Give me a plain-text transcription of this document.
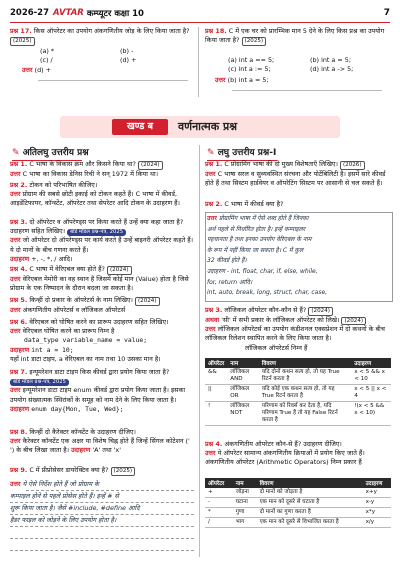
2026-27 AVTAR कम्प्यूटर कक्षा 10	7
प्रश्न 17. किस ऑपरेटर का उपयोग अंकगणितीय जोड़ के लिए किया जाता है? (2025)
(a) *	(b) -
(c) /	(d) +
उत्तर (d) +
प्रश्न 18. C में एक चर को प्रारम्भिक मान 5 देने के लिए किस प्रश्न का उपयोग किया जाता है? (2025)
(a) int a == 5;	(b) int a = 5;
(c) int a := 5;	(d) int a -> 5;
उत्तर (b) int a = 5;
खण्ड ब	वर्णनात्मक प्रश्न
✎ अतिलघु उत्तरीय प्रश्न
प्रश्न 1. C भाषा के विकास क्रम और किसने किया था? (2024)
उत्तर C भाषा का विकास डेनिस रिची ने सन् 1972 में किया था।
प्रश्न 2. टोकन को परिभाषित कीजिए।
उत्तर प्रोग्राम की सबसे छोटी इकाई को टोकन कहते हैं। C भाषा में कीवर्ड, आइडेंटिफायर, कॉन्स्टेंट, ऑपरेटर तथा सेपरेटर आदि टोकन के उदाहरण हैं।
प्रश्न 3. दो ऑपरेटर व ऑपरेण्ड्स पर किया करते हैं उन्हें क्या कहा जाता है? उदाहरण सहित लिखिए। बोर्ड मॉडल प्रश्न-पत्र, 2025
उत्तर जो ऑपरेटर दो ऑपरेण्ड्स पर कार्य करते हैं उन्हें बाइनरी ऑपरेटर कहते हैं। ये दो मानों के बीच गणना करते हैं।
उदाहरण +, -, *, / आदि।
प्रश्न 4. C भाषा में वेरिएबल क्या होते हैं? (2024)
उत्तर वेरिएबल मेमोरी का वह स्थान है जिसमें कोई मान (Value) होता है जिसे प्रोग्राम के एक निष्पादन के दौरान बदला जा सकता है।
प्रश्न 5. किन्हीं दो प्रकार के ऑपरेटर्स के नाम लिखिए। (2024)
उत्तर अंकगणितीय ऑपरेटर्स व लॉजिकल ऑपरेटर्स
प्रश्न 6. वेरिएबल को घोषित करने का प्रारूप उदाहरण सहित लिखिए।
उत्तर वेरिएबल घोषित करने का प्रारूप निम्न है
data_type variable_name = value;
उदाहरण int a = 10;
यहाँ int डाटा टाइप, a वेरिएबल का नाम तथा 10 उसका मान है।
प्रश्न 7. इन्यूमरेशन डाटा टाइप किस कीवर्ड द्वारा प्रयोग किया जाता है? बोर्ड मॉडल प्रश्न-पत्र, 2025
उत्तर इन्यूमरेशन डाटा टाइप enum कीवर्ड द्वारा प्रयोग किया जाता है। इसका उपयोग संख्यात्मक स्थिरांकों के समूह को नाम देने के लिए किया जाता है।
उदाहरण enum day{Mon, Tue, Wed};
प्रश्न 8. किन्हीं दो कैरेक्टर कॉन्स्टेंट के उदाहरण दीजिए।
उत्तर कैरेक्टर कॉन्स्टेंट एक अक्षर या विशेष चिह्न होते हैं जिन्हें सिंगल कोटेशन (' ') के बीच लिखा जाता है। उदाहरण 'A' तथा 'x'
प्रश्न 9. C में प्रीप्रोसेसर डायरेक्टिव क्या है? (2025)
उत्तर ये ऐसे निर्देश होते हैं जो प्रोग्राम के
कम्पाइल होने से पहले प्रोसेस होते हैं। इन्हें # से
शुरू किया जाता है। जैसे #include, #define आदि
हैडर फाइल को जोड़ने के लिए उपयोग होता है।
✎ लघु उत्तरीय प्रश्न-I
प्रश्न 1. C प्रोग्रामिंग भाषा की दो मुख्य विशेषताएँ लिखिए। (2026)
उत्तर C भाषा सरल व सुव्यवस्थित संरचना और पोर्टेबिलिटी है। इसमें सारे कीवर्ड होते हैं तथा सिस्टम हार्डवेयर व ऑपरेटिंग सिस्टम पर आसानी से चल सकते हैं।
प्रश्न 2. C भाषा में कीवर्ड क्या है?
उत्तर प्रोग्रामिंग भाषा में ऐसे शब्द होते हैं जिनका
अर्थ पहले से निर्धारित होता है। इन्हें कम्पाइलर
पहचानता है तथा इनका उपयोग वेरिएबल के नाम
के रूप में नहीं किया जा सकता है। C में कुल
32 कीवर्ड होते हैं।
उदाहरण - int, float, char, if, else, while,
for, return आदि।
int, auto, break, long, struct, char, case,
प्रश्न 3. लॉजिकल ऑपरेटर कौन-कौन से हैं? (2024)
अथवा 'सी' में सभी प्रकार के लॉजिकल ऑपरेटर को लिखे। (2024)
उत्तर लॉजिकल ऑपरेटर्स का उपयोग कंडीशनल एक्सप्रेशन में दो कथनों के बीच लॉजिकल रिलेशन स्थापित करने के लिए किया जाता है।
लॉजिकल ऑपरेटर्स निम्न हैं
ऑपरेटर	नाम	विवरण	उदाहरण
&&	लॉजिकल AND	यदि दोनों कथन सत्य हो, तो यह True रिटर्न करता है	x < 5 && x < 10
||	लॉजिकल OR	यदि कोई एक कथन सत्य हो, तो यह True रिटर्न करता है	x < 5 || x < 4
!	लॉजिकल NOT	परिणाम को रिवर्स कर देता है, यदि परिणाम True है तो यह False रिटर्न करता है	!(x < 5 && x < 10)
प्रश्न 4. अंकगणितीय ऑपरेटर कौन-से हैं? उदाहरण दीजिए।
उत्तर ये ऑपरेटर सामान्य अंकगणितीय क्रियाओं में प्रयोग किए जाते हैं। अंकगणितीय ऑपरेटर (Arithmetic Operators) निम्न प्रकार हैं
ऑपरेटर	नाम	विवरण	उदाहरण
+	जोड़ना	दो मानों को जोड़ता है	x+y
-	घटाना	एक मान को दूसरे से घटाता है	x-y
*	गुणा	दो मानों का गुणा करता है	x*y
/	भाग	एक मान को दूसरे से विभाजित करता है	x/y
